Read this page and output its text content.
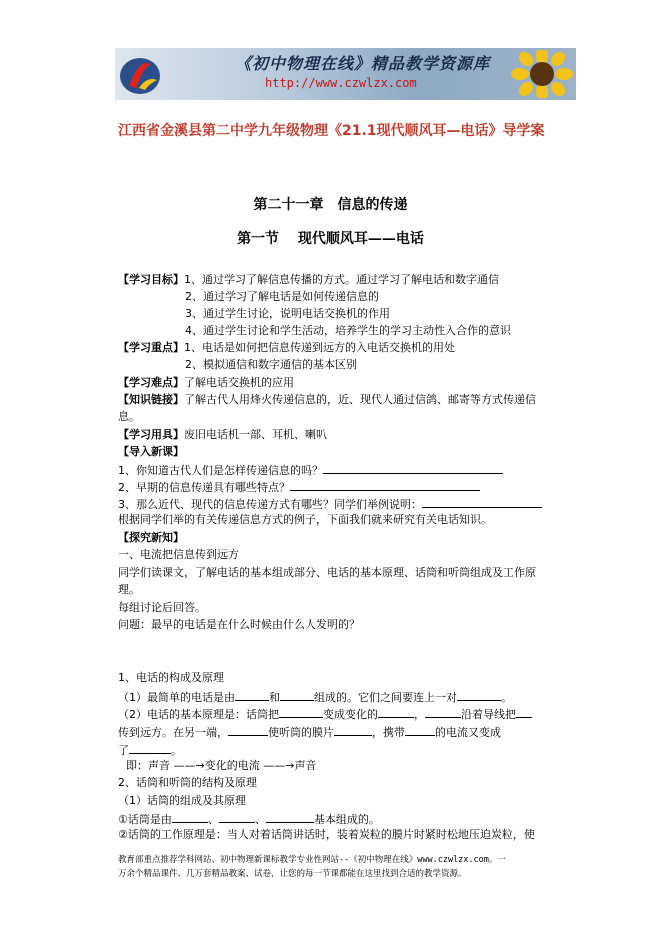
《初中物理在线》精品教学资源库
http://www.czwlzx.com
江西省金溪县第二中学九年级物理《21.1现代顺风耳—电话》导学案
第二十一章　信息的传递
第一节　 现代顺风耳——电话
【学习目标】1、通过学习了解信息传播的方式。通过学习了解电话和数字通信
2、通过学习了解电话是如何传递信息的
3、通过学生讨论，说明电话交换机的作用
4、通过学生讨论和学生活动，培养学生的学习主动性入合作的意识
【学习重点】1、电话是如何把信息传递到远方的入电话交换机的用处
2、模拟通信和数字通信的基本区别
【学习难点】了解电话交换机的应用
【知识链接】了解古代人用烽火传递信息的，近、现代人通过信鸽、邮寄等方式传递信
息。
【学习用具】废旧电话机一部、耳机、喇叭
【导入新课】
1、你知道古代人们是怎样传递信息的吗？
2、早期的信息传递具有哪些特点？
3、那么近代、现代的信息传递方式有哪些？同学们举例说明：
根据同学们举的有关传递信息方式的例子，下面我们就来研究有关电话知识。
【探究新知】
一、电流把信息传到远方
同学们读课文，了解电话的基本组成部分、电话的基本原理、话筒和听筒组成及工作原
理。
每组讨论后回答。
问题：最早的电话是在什么时候由什么人发明的？
1、电话的构成及原理
（1）最简单的电话是由	和	组成的。它们之间要连上一对	。
（2）电话的基本原理是：话筒把	变成变化的	，	沿着导线把
传到远方。在另一端，	使听筒的膜片	，携带	的电流又变成
了	。
即：声音 ——→变化的电流 ——→声音
2、话筒和听筒的结构及原理
（1）话筒的组成及其原理
①话筒是由	、	、	基本组成的。
②话筒的工作原理是：当人对着话筒讲话时，装着炭粒的膜片时紧时松地压迫炭粒，使
教育部重点推荐学科网站、初中物理新课标教学专业性网站--《初中物理在线》www.czwlzx.com。一
万余个精品课件、几万套精品教案、试卷，让您的每一节课都能在这里找到合适的教学资源。
